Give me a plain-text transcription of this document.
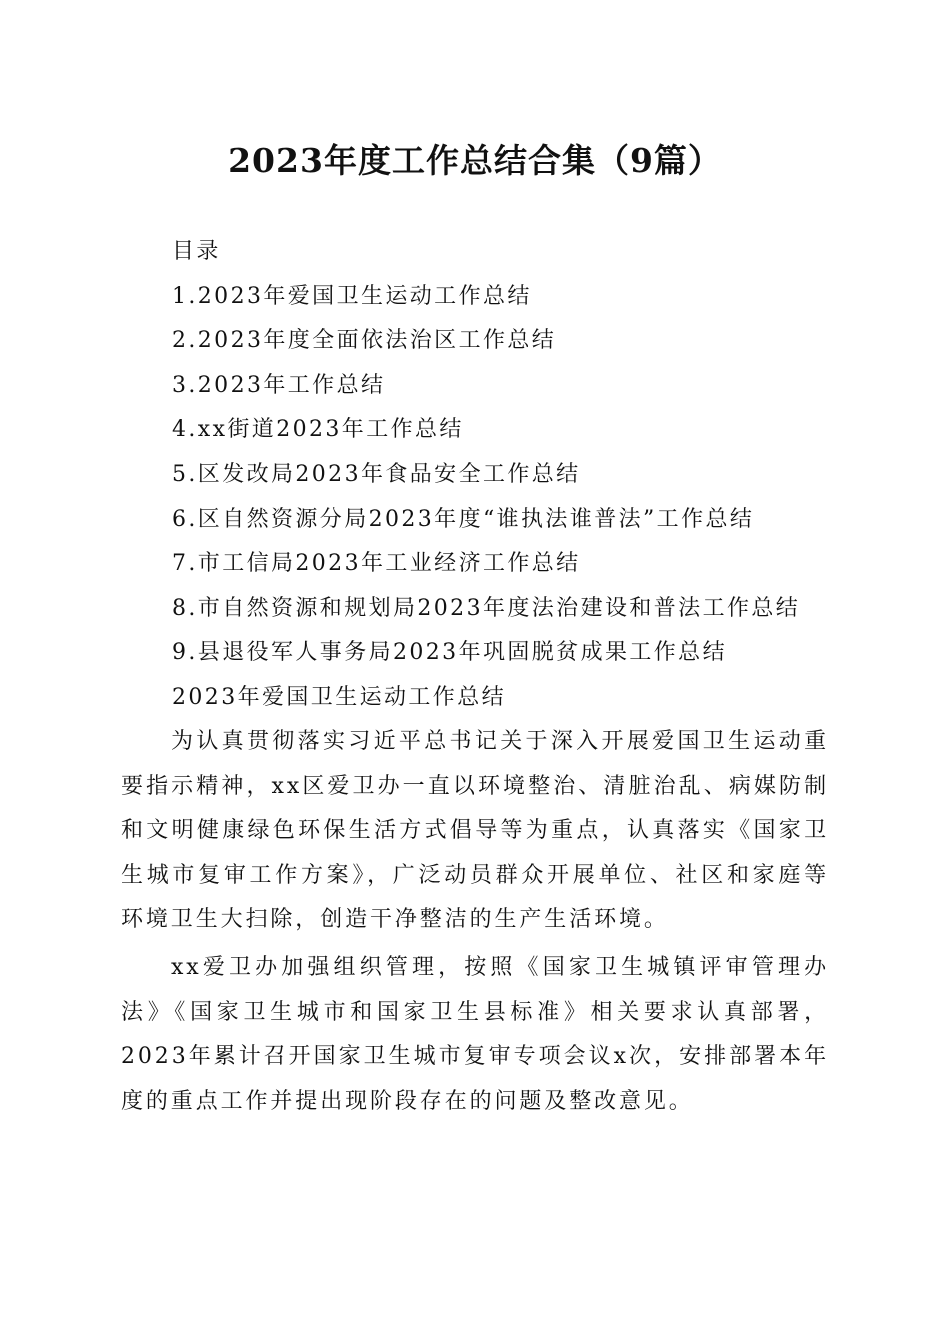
2023年度工作总结合集（9篇）
目录
1.2023年爱国卫生运动工作总结
2.2023年度全面依法治区工作总结
3.2023年工作总结
4.xx街道2023年工作总结
5.区发改局2023年食品安全工作总结
6.区自然资源分局2023年度“谁执法谁普法”工作总结
7.市工信局2023年工业经济工作总结
8.市自然资源和规划局2023年度法治建设和普法工作总结
9.县退役军人事务局2023年巩固脱贫成果工作总结
2023年爱国卫生运动工作总结

为认真贯彻落实习近平总书记关于深入开展爱国卫生运动重要指示精神，xx区爱卫办一直以环境整治、清脏治乱、病媒防制和文明健康绿色环保生活方式倡导等为重点，认真落实《国家卫生城市复审工作方案》，广泛动员群众开展单位、社区和家庭等环境卫生大扫除，创造干净整洁的生产生活环境。

xx爱卫办加强组织管理，按照《国家卫生城镇评审管理办法》《国家卫生城市和国家卫生县标准》相关要求认真部署，2023年累计召开国家卫生城市复审专项会议x次，安排部署本年度的重点工作并提出现阶段存在的问题及整改意见。
